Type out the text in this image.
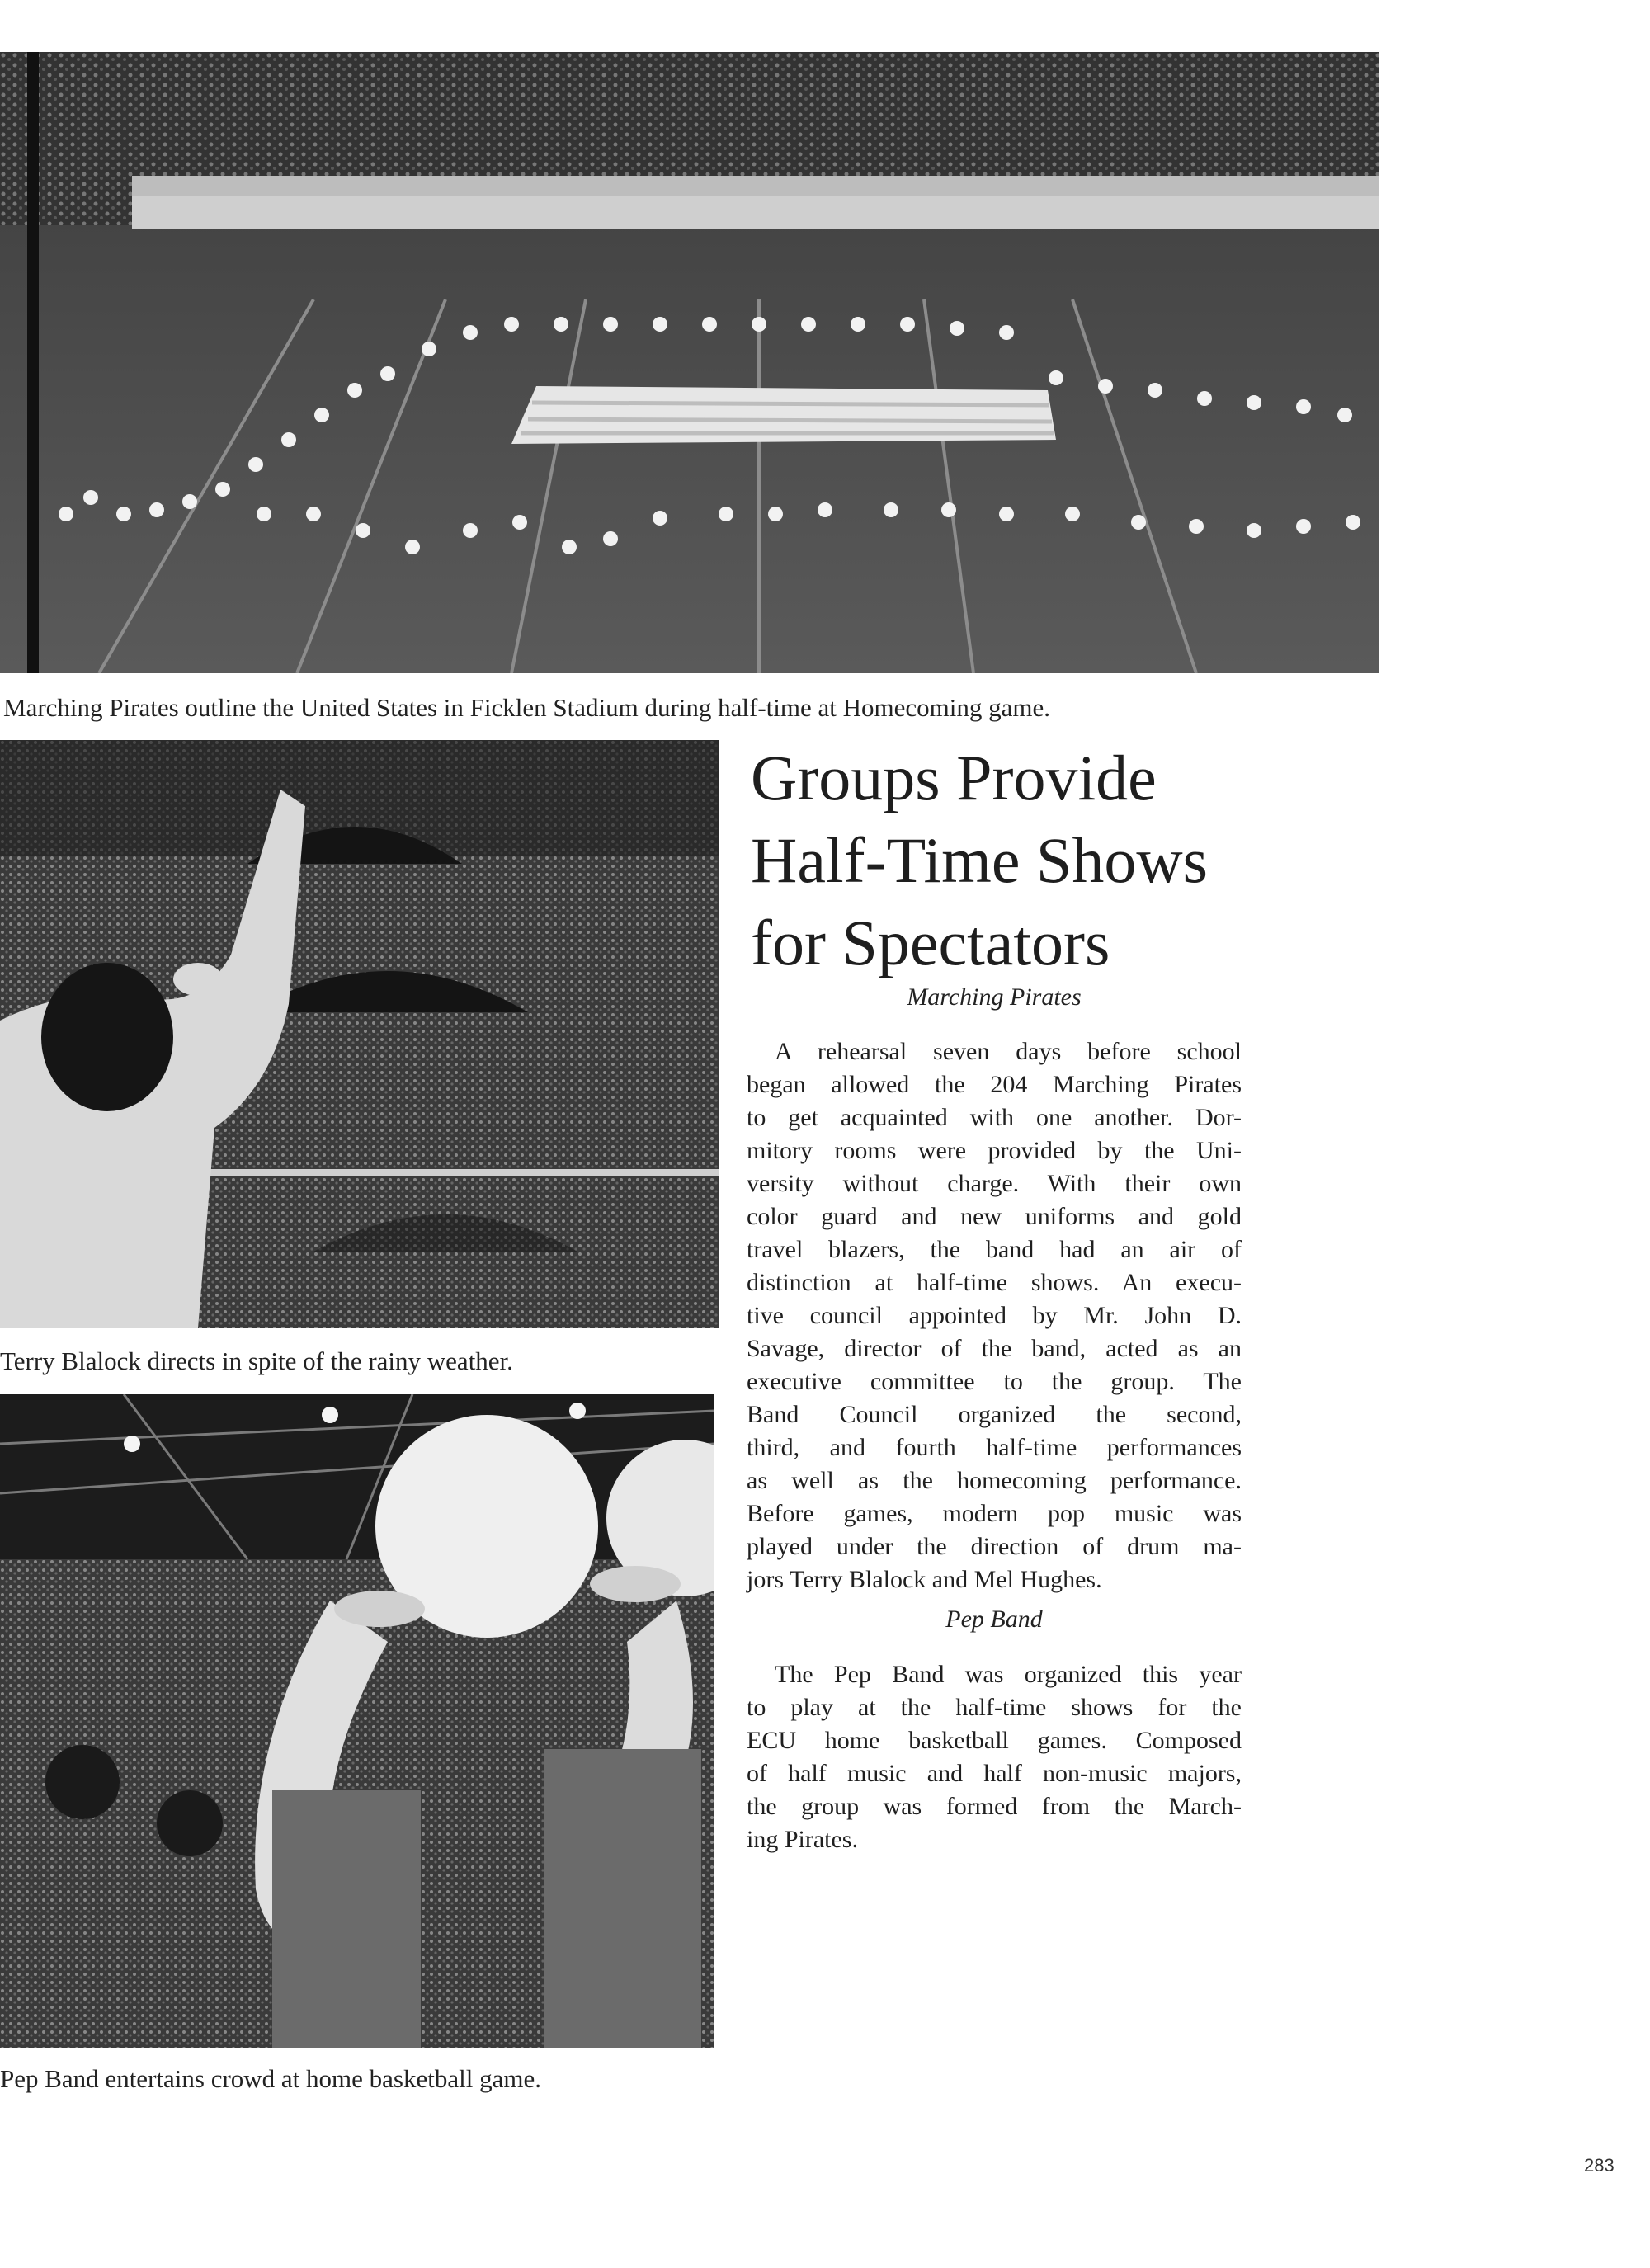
Marching Pirates outline the United States in Ficklen Stadium during half-time at Homecoming game.
Terry Blalock directs in spite of the rainy weather.
Pep Band entertains crowd at home basketball game.
Groups Provide
Half-Time Shows
for Spectators

Marching Pirates

A rehearsal seven days before school
began allowed the 204 Marching Pirates
to get acquainted with one another. Dor-
mitory rooms were provided by the Uni-
versity without charge. With their own
color guard and new uniforms and gold
travel blazers, the band had an air of
distinction at half-time shows. An execu-
tive council appointed by Mr. John D.
Savage, director of the band, acted as an
executive committee to the group. The
Band Council organized the second,
third, and fourth half-time performances
as well as the homecoming performance.
Before games, modern pop music was
played under the direction of drum ma-
jors Terry Blalock and Mel Hughes.

Pep Band

The Pep Band was organized this year
to play at the half-time shows for the
ECU home basketball games. Composed
of half music and half non-music majors,
the group was formed from the March-
ing Pirates.
283
